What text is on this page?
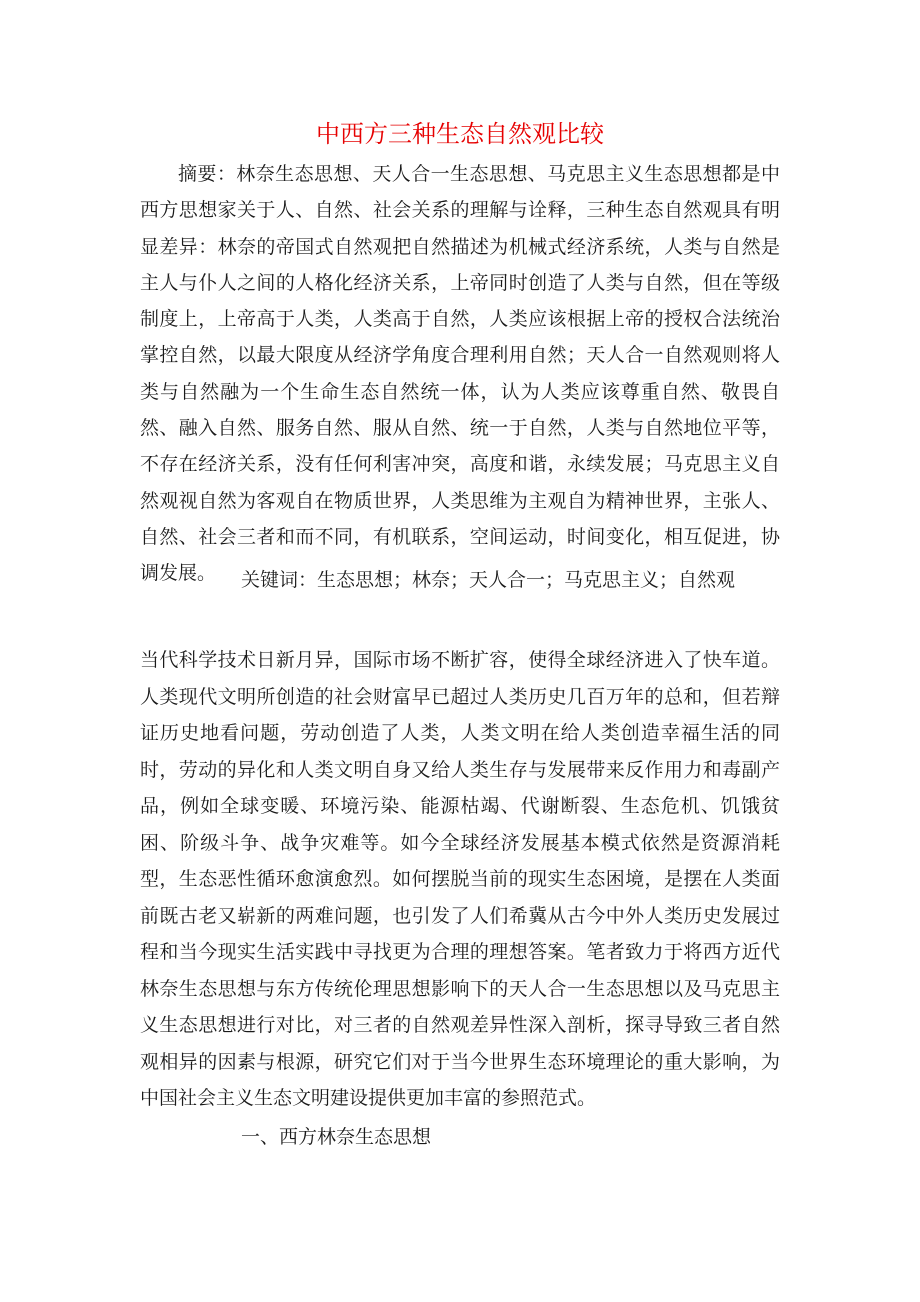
中西方三种生态自然观比较

摘要：林奈生态思想、天人合一生态思想、马克思主义生态思想都是中西方思想家关于人、自然、社会关系的理解与诠释，三种生态自然观具有明显差异：林奈的帝国式自然观把自然描述为机械式经济系统，人类与自然是主人与仆人之间的人格化经济关系，上帝同时创造了人类与自然，但在等级制度上，上帝高于人类，人类高于自然，人类应该根据上帝的授权合法统治掌控自然，以最大限度从经济学角度合理利用自然；天人合一自然观则将人类与自然融为一个生命生态自然统一体，认为人类应该尊重自然、敬畏自然、融入自然、服务自然、服从自然、统一于自然，人类与自然地位平等，不存在经济关系，没有任何利害冲突，高度和谐，永续发展；马克思主义自然观视自然为客观自在物质世界，人类思维为主观自为精神世界，主张人、自然、社会三者和而不同，有机联系，空间运动，时间变化，相互促进，协调发展。	关键词：生态思想；林奈；天人合一；马克思主义；自然观

当代科学技术日新月异，国际市场不断扩容，使得全球经济进入了快车道。人类现代文明所创造的社会财富早已超过人类历史几百万年的总和，但若辩证历史地看问题，劳动创造了人类，人类文明在给人类创造幸福生活的同时，劳动的异化和人类文明自身又给人类生存与发展带来反作用力和毒副产品，例如全球变暖、环境污染、能源枯竭、代谢断裂、生态危机、饥饿贫困、阶级斗争、战争灾难等。如今全球经济发展基本模式依然是资源消耗型，生态恶性循环愈演愈烈。如何摆脱当前的现实生态困境，是摆在人类面前既古老又崭新的两难问题，也引发了人们希冀从古今中外人类历史发展过程和当今现实生活实践中寻找更为合理的理想答案。笔者致力于将西方近代林奈生态思想与东方传统伦理思想影响下的天人合一生态思想以及马克思主义生态思想进行对比，对三者的自然观差异性深入剖析，探寻导致三者自然观相异的因素与根源，研究它们对于当今世界生态环境理论的重大影响，为中国社会主义生态文明建设提供更加丰富的参照范式。

一、西方林奈生态思想
